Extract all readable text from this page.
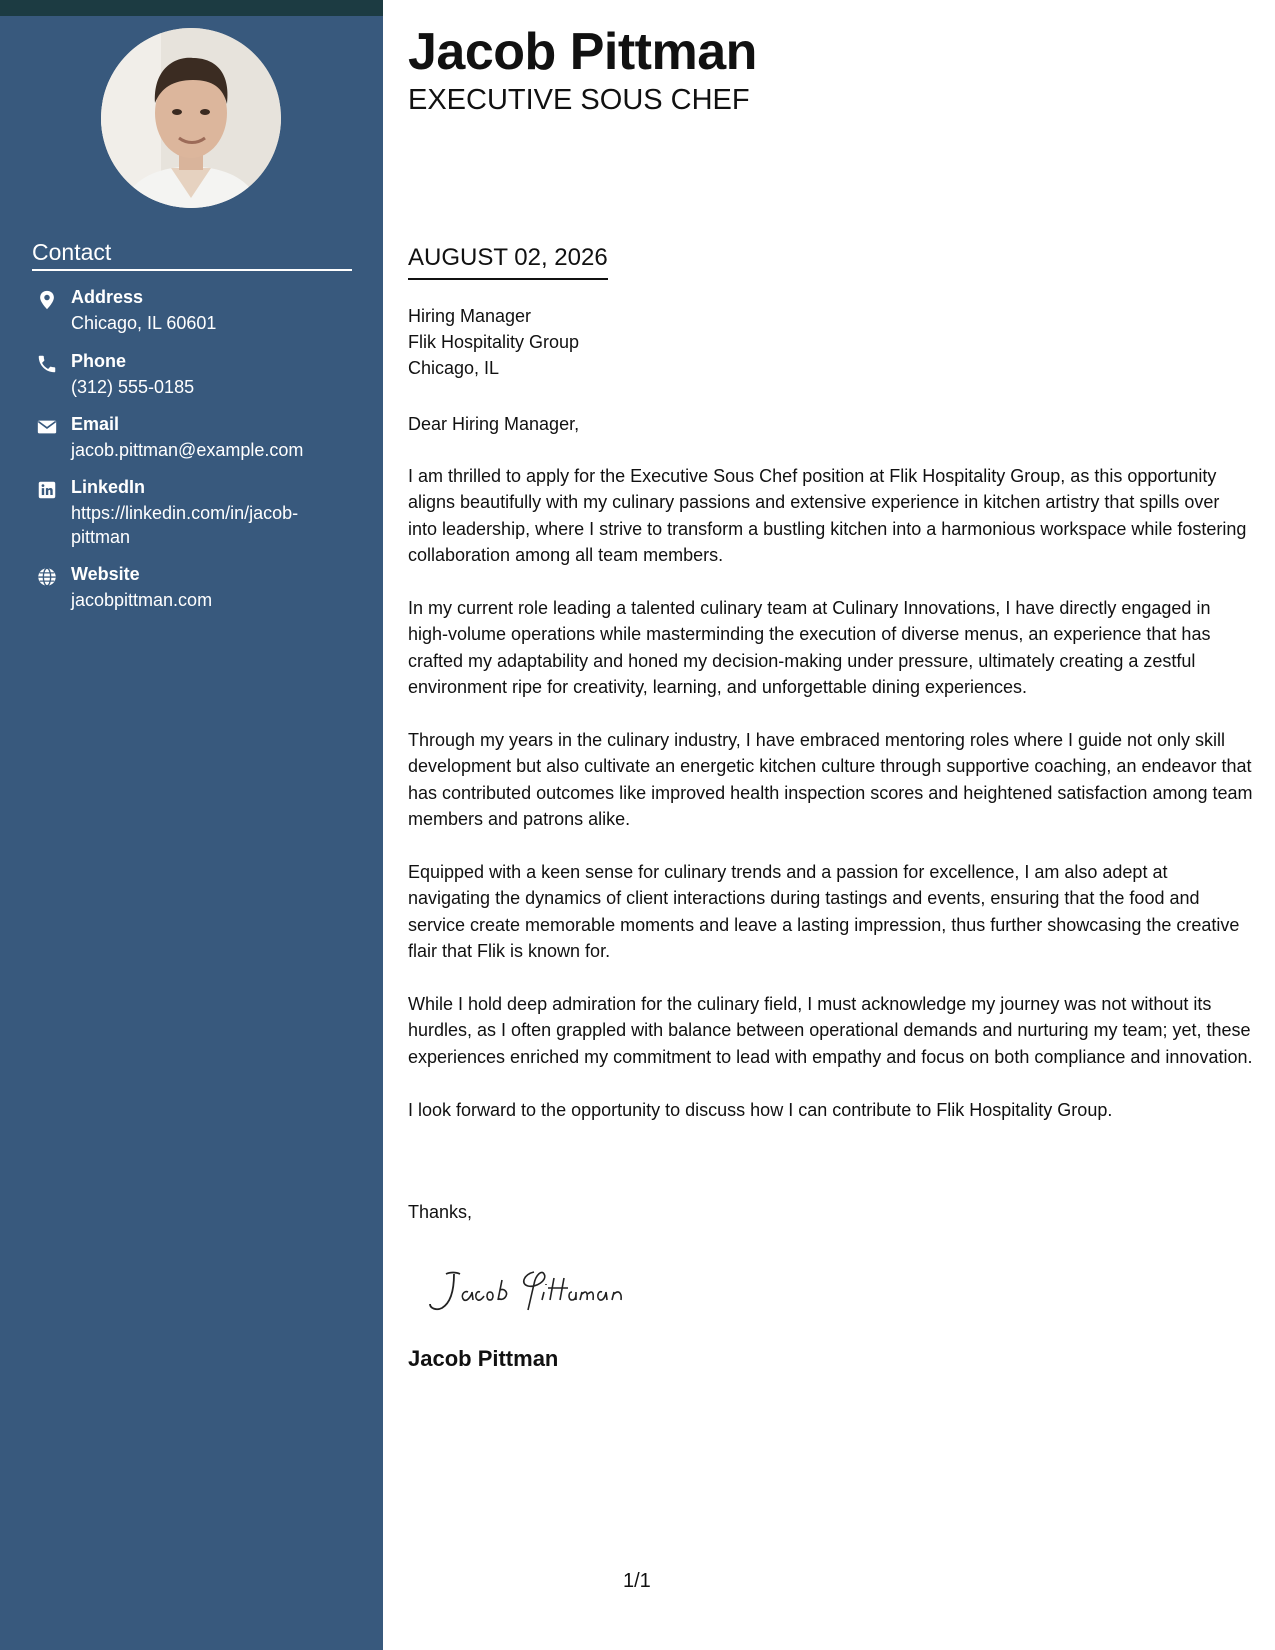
Contact
Address
Chicago, IL 60601
Phone
(312) 555-0185
Email
jacob.pittman@example.com
LinkedIn
https://linkedin.com/in/jacob-pittman
Website
jacobpittman.com
Jacob Pittman
EXECUTIVE SOUS CHEF
AUGUST 02, 2026
Hiring Manager
Flik Hospitality Group
Chicago, IL
Dear Hiring Manager,

I am thrilled to apply for the Executive Sous Chef position at Flik Hospitality Group, as this opportunity aligns beautifully with my culinary passions and extensive experience in kitchen artistry that spills over into leadership, where I strive to transform a bustling kitchen into a harmonious workspace while fostering collaboration among all team members.

In my current role leading a talented culinary team at Culinary Innovations, I have directly engaged in high-volume operations while masterminding the execution of diverse menus, an experience that has crafted my adaptability and honed my decision-making under pressure, ultimately creating a zestful environment ripe for creativity, learning, and unforgettable dining experiences.

Through my years in the culinary industry, I have embraced mentoring roles where I guide not only skill development but also cultivate an energetic kitchen culture through supportive coaching, an endeavor that has contributed outcomes like improved health inspection scores and heightened satisfaction among team members and patrons alike.

Equipped with a keen sense for culinary trends and a passion for excellence, I am also adept at navigating the dynamics of client interactions during tastings and events, ensuring that the food and service create memorable moments and leave a lasting impression, thus further showcasing the creative flair that Flik is known for.

While I hold deep admiration for the culinary field, I must acknowledge my journey was not without its hurdles, as I often grappled with balance between operational demands and nurturing my team; yet, these experiences enriched my commitment to lead with empathy and focus on both compliance and innovation.

I look forward to the opportunity to discuss how I can contribute to Flik Hospitality Group.

Thanks,
Jacob Pittman
1/1
